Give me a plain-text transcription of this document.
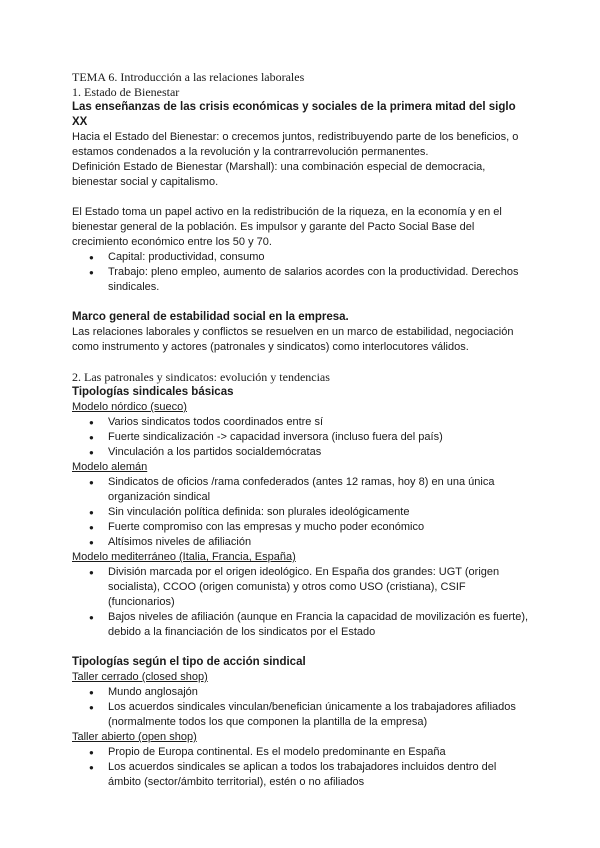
TEMA 6. Introducción a las relaciones laborales

1. Estado de Bienestar

Las enseñanzas de las crisis económicas y sociales de la primera mitad del siglo XX

Hacia el Estado del Bienestar: o crecemos juntos, redistribuyendo parte de los beneficios, o estamos condenados a la revolución y la contrarrevolución permanentes.

Definición Estado de Bienestar (Marshall): una combinación especial de democracia, bienestar social y capitalismo.

El Estado toma un papel activo en la redistribución de la riqueza, en la economía y en el bienestar general de la población. Es impulsor y garante del Pacto Social Base del crecimiento económico entre los 50 y 70.

● Capital: productividad, consumo
● Trabajo: pleno empleo, aumento de salarios acordes con la productividad. Derechos sindicales.

Marco general de estabilidad social en la empresa.

Las relaciones laborales y conflictos se resuelven en un marco de estabilidad, negociación como instrumento y actores (patronales y sindicatos) como interlocutores válidos.

2. Las patronales y sindicatos: evolución y tendencias

Tipologías sindicales básicas

Modelo nórdico (sueco)

● Varios sindicatos todos coordinados entre sí
● Fuerte sindicalización -> capacidad inversora (incluso fuera del país)
● Vinculación a los partidos socialdemócratas

Modelo alemán

● Sindicatos de oficios /rama confederados (antes 12 ramas, hoy 8) en una única organización sindical
● Sin vinculación política definida: son plurales ideológicamente
● Fuerte compromiso con las empresas y mucho poder económico
● Altísimos niveles de afiliación

Modelo mediterráneo (Italia, Francia, España)

● División marcada por el origen ideológico. En España dos grandes: UGT (origen socialista), CCOO (origen comunista) y otros como USO (cristiana), CSIF (funcionarios)
● Bajos niveles de afiliación (aunque en Francia la capacidad de movilización es fuerte), debido a la financiación de los sindicatos por el Estado

Tipologías según el tipo de acción sindical

Taller cerrado (closed shop)

● Mundo anglosajón
● Los acuerdos sindicales vinculan/benefician únicamente a los trabajadores afiliados (normalmente todos los que componen la plantilla de la empresa)

Taller abierto (open shop)

● Propio de Europa continental. Es el modelo predominante en España
● Los acuerdos sindicales se aplican a todos los trabajadores incluidos dentro del ámbito (sector/ámbito territorial), estén o no afiliados
